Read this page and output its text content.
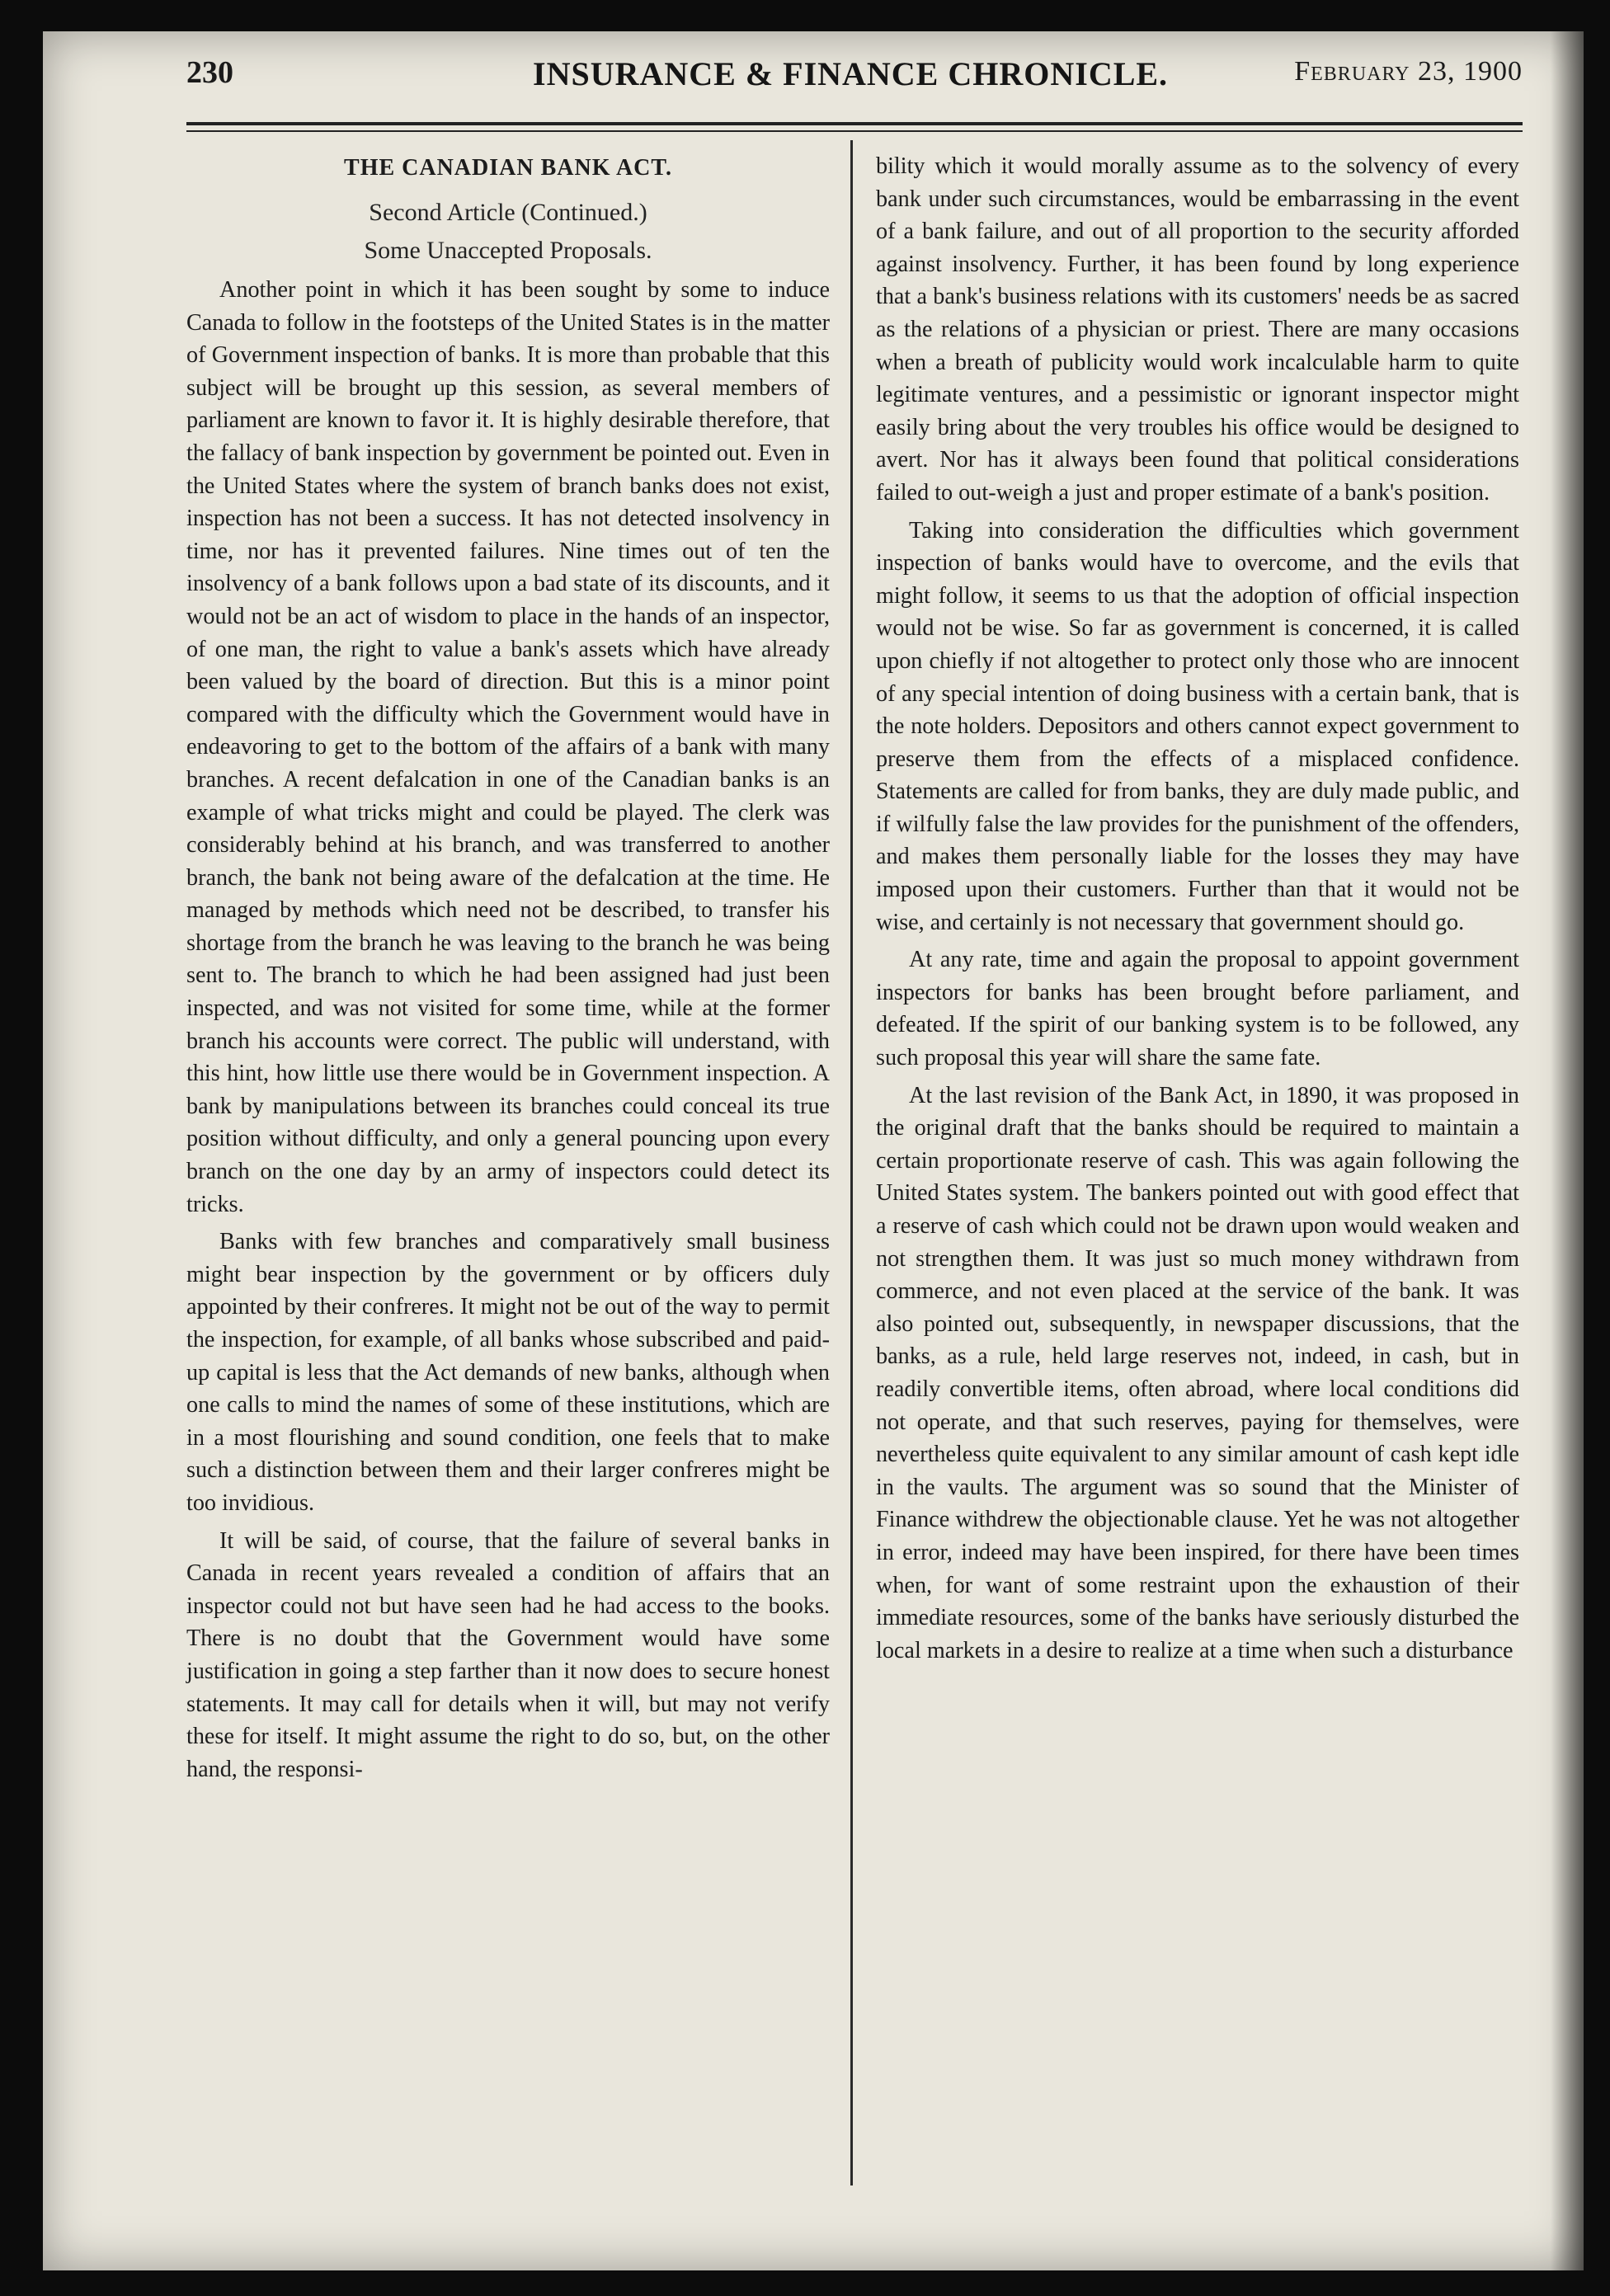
230	INSURANCE & FINANCE CHRONICLE.	February 23, 1900
THE CANADIAN BANK ACT.
Second Article (Continued.)
Some Unaccepted Proposals.

Another point in which it has been sought by some to induce Canada to follow in the footsteps of the United States is in the matter of Government inspection of banks. It is more than probable that this subject will be brought up this session, as several members of parliament are known to favor it. It is highly desirable therefore, that the fallacy of bank inspection by government be pointed out. Even in the United States where the system of branch banks does not exist, inspection has not been a success. It has not detected insolvency in time, nor has it prevented failures. Nine times out of ten the insolvency of a bank follows upon a bad state of its discounts, and it would not be an act of wisdom to place in the hands of an inspector, of one man, the right to value a bank's assets which have already been valued by the board of direction. But this is a minor point compared with the difficulty which the Government would have in endeavoring to get to the bottom of the affairs of a bank with many branches. A recent defalcation in one of the Canadian banks is an example of what tricks might and could be played. The clerk was considerably behind at his branch, and was transferred to another branch, the bank not being aware of the defalcation at the time. He managed by methods which need not be described, to transfer his shortage from the branch he was leaving to the branch he was being sent to. The branch to which he had been assigned had just been inspected, and was not visited for some time, while at the former branch his accounts were correct. The public will understand, with this hint, how little use there would be in Government inspection. A bank by manipulations between its branches could conceal its true position without difficulty, and only a general pouncing upon every branch on the one day by an army of inspectors could detect its tricks.

Banks with few branches and comparatively small business might bear inspection by the government or by officers duly appointed by their confreres. It might not be out of the way to permit the inspection, for example, of all banks whose subscribed and paid-up capital is less that the Act demands of new banks, although when one calls to mind the names of some of these institutions, which are in a most flourishing and sound condition, one feels that to make such a distinction between them and their larger confreres might be too invidious.

It will be said, of course, that the failure of several banks in Canada in recent years revealed a condition of affairs that an inspector could not but have seen had he had access to the books. There is no doubt that the Government would have some justification in going a step farther than it now does to secure honest statements. It may call for details when it will, but may not verify these for itself. It might assume the right to do so, but, on the other hand, the responsi-

bility which it would morally assume as to the solvency of every bank under such circumstances, would be embarrassing in the event of a bank failure, and out of all proportion to the security afforded against insolvency. Further, it has been found by long experience that a bank's business relations with its customers' needs be as sacred as the relations of a physician or priest. There are many occasions when a breath of publicity would work incalculable harm to quite legitimate ventures, and a pessimistic or ignorant inspector might easily bring about the very troubles his office would be designed to avert. Nor has it always been found that political considerations failed to out-weigh a just and proper estimate of a bank's position.

Taking into consideration the difficulties which government inspection of banks would have to overcome, and the evils that might follow, it seems to us that the adoption of official inspection would not be wise. So far as government is concerned, it is called upon chiefly if not altogether to protect only those who are innocent of any special intention of doing business with a certain bank, that is the note holders. Depositors and others cannot expect government to preserve them from the effects of a misplaced confidence. Statements are called for from banks, they are duly made public, and if wilfully false the law provides for the punishment of the offenders, and makes them personally liable for the losses they may have imposed upon their customers. Further than that it would not be wise, and certainly is not necessary that government should go.

At any rate, time and again the proposal to appoint government inspectors for banks has been brought before parliament, and defeated. If the spirit of our banking system is to be followed, any such proposal this year will share the same fate.

At the last revision of the Bank Act, in 1890, it was proposed in the original draft that the banks should be required to maintain a certain proportionate reserve of cash. This was again following the United States system. The bankers pointed out with good effect that a reserve of cash which could not be drawn upon would weaken and not strengthen them. It was just so much money withdrawn from commerce, and not even placed at the service of the bank. It was also pointed out, subsequently, in newspaper discussions, that the banks, as a rule, held large reserves not, indeed, in cash, but in readily convertible items, often abroad, where local conditions did not operate, and that such reserves, paying for themselves, were nevertheless quite equivalent to any similar amount of cash kept idle in the vaults. The argument was so sound that the Minister of Finance withdrew the objectionable clause. Yet he was not altogether in error, indeed may have been inspired, for there have been times when, for want of some restraint upon the exhaustion of their immediate resources, some of the banks have seriously disturbed the local markets in a desire to realize at a time when such a disturbance
